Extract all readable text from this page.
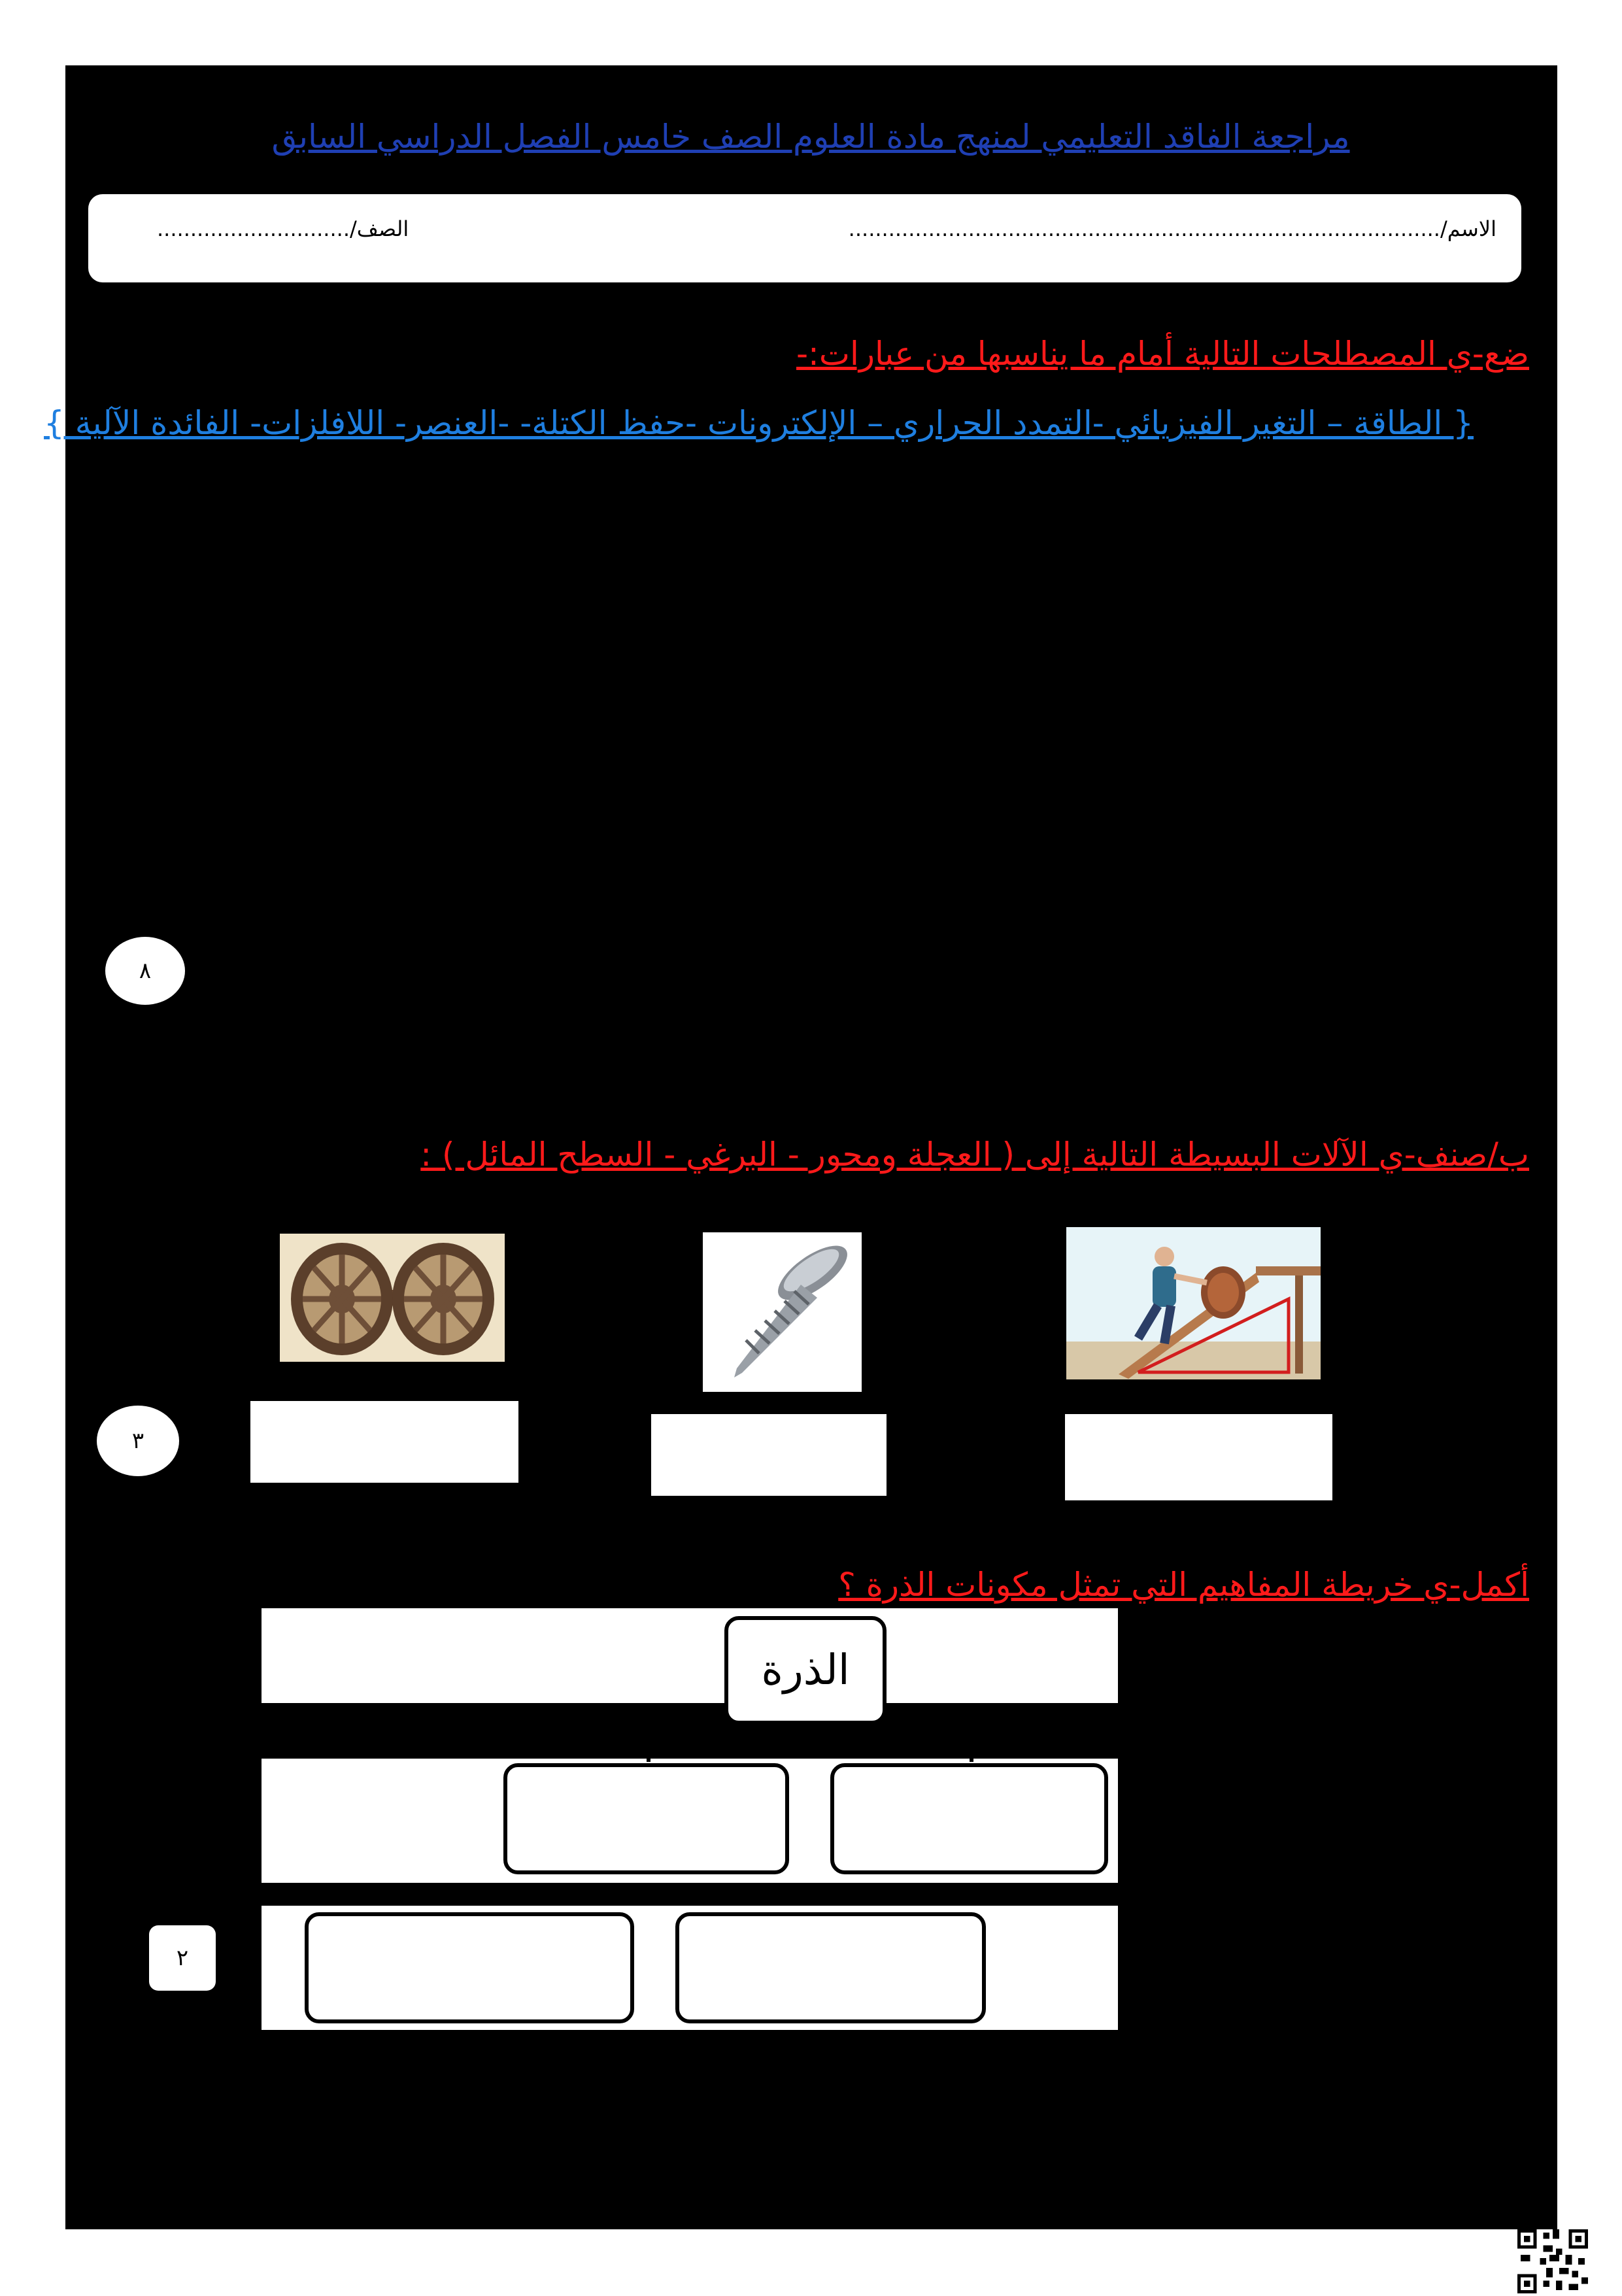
مراجعة الفاقد التعليمي لمنهج مادة العلوم الصف خامس الفصل الدراسي السابق
الاسم/.........................................................................................
الصف/.............................
ضع-ي المصطلحات التالية أمام ما يناسبها من عبارات:-
{ الطاقة – التغير الفيزيائي -التمدد الحراري – الإلكترونات -حفظ الكتلة- -العنصر- اللافلزات- الفائدة الآلية }
٨
ب/صنف-ي الآلات البسيطة التالية إلى ( العجلة ومحور - البرغي - السطح المائل ) :
٣
أكمل-ي خريطة المفاهيم التي تمثل مكونات الذرة ؟
الذرة
٢
